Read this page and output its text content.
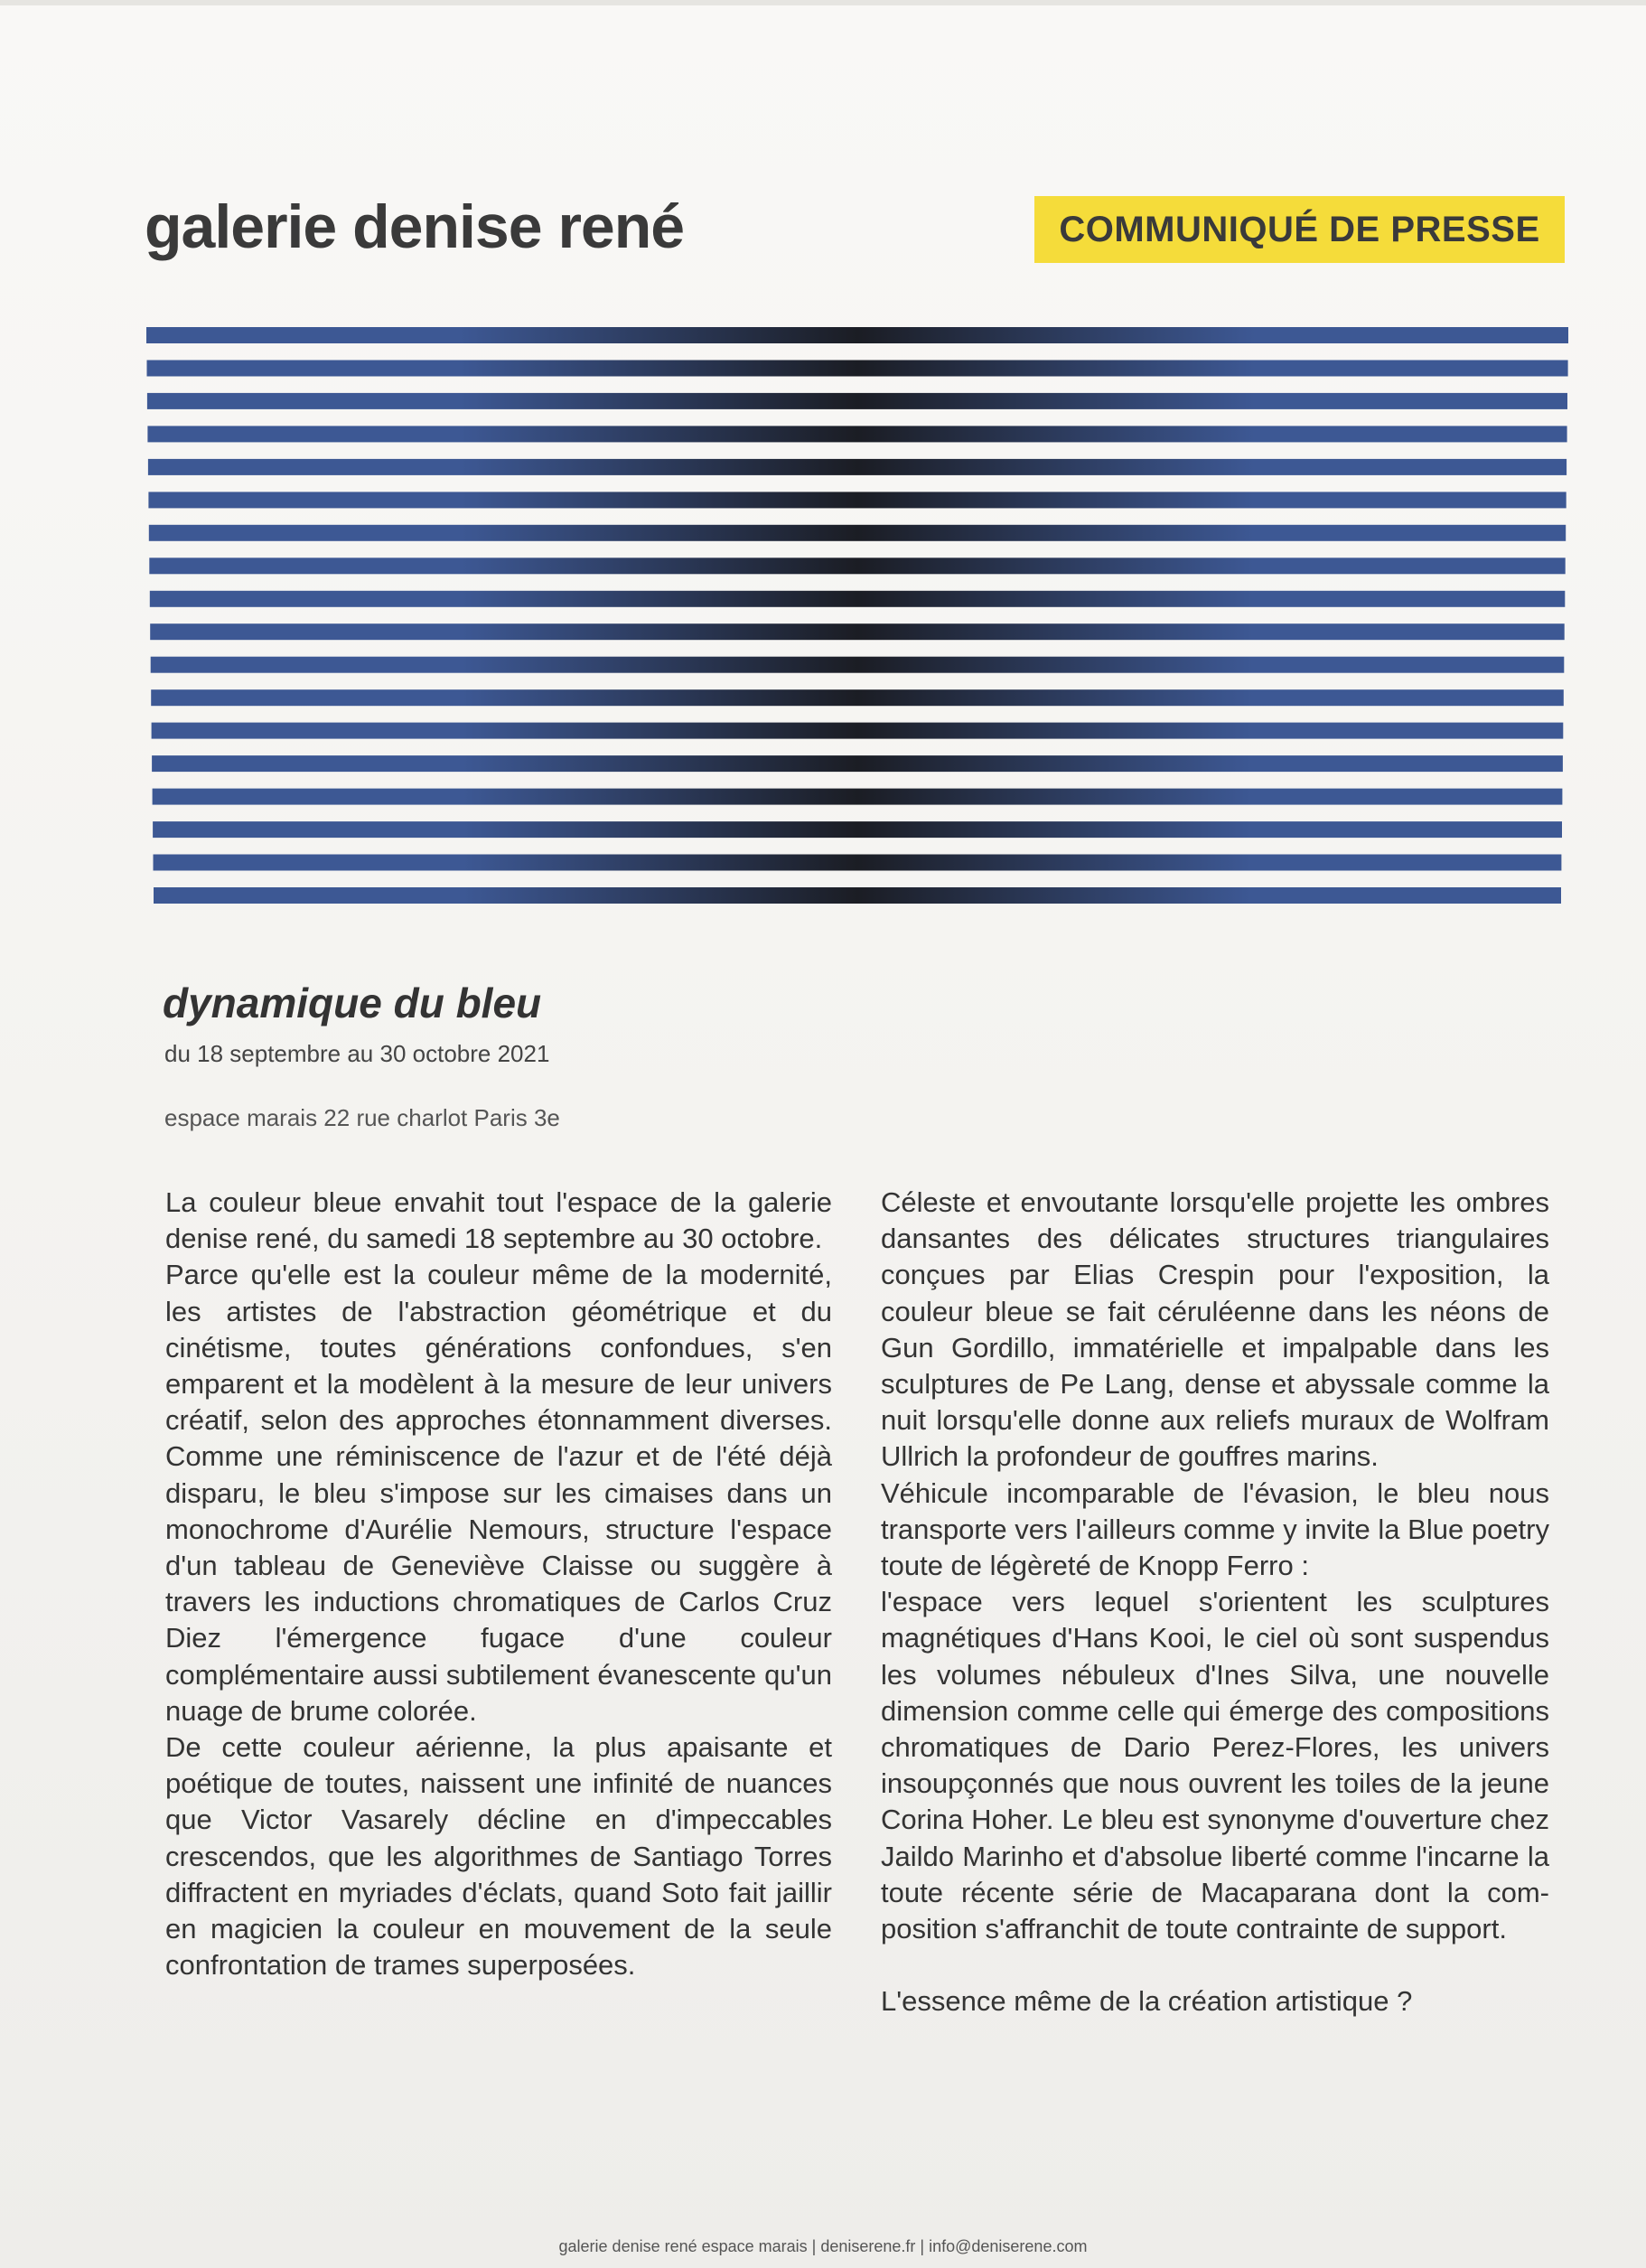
galerie denise rené	COMMUNIQUÉ DE PRESSE
dynamique du bleu
du 18 septembre au 30 octobre 2021
espace marais 22 rue charlot Paris 3e

La couleur bleue envahit tout l'espace de la galerie denise rené, du samedi 18 septembre au 30 octobre.

Parce qu'elle est la couleur même de la modernité, les artistes de l'abstraction géométrique et du cinétisme, toutes générations confondues, s'en emparent et la modèlent à la mesure de leur univers créatif, selon des approches étonnamment diverses. Comme une réminiscence de l'azur et de l'été déjà disparu, le bleu s'impose sur les cimaises dans un monochrome d'Aurélie Nemours, structure l'espace d'un tableau de Geneviève Claisse ou suggère à travers les inductions chromatiques de Carlos Cruz Diez l'émergence fugace d'une couleur complémentaire aussi subtilement évanescente qu'un nuage de brume colorée.

De cette couleur aérienne, la plus apaisante et poétique de toutes, naissent une infinité de nuances que Victor Vasarely décline en d'impeccables crescendos, que les algorithmes de Santiago Torres diffractent en myriades d'éclats, quand Soto fait jaillir en magicien la couleur en mouvement de la seule confrontation de trames superposées.

Céleste et envoutante lorsqu'elle projette les ombres dansantes des délicates structures triangulaires conçues par Elias Crespin pour l'exposition, la couleur bleue se fait céruléenne dans les néons de Gun Gordillo, immatérielle et impalpable dans les sculptures de Pe Lang, dense et abyssale comme la nuit lorsqu'elle donne aux reliefs muraux de Wolfram Ullrich la profondeur de gouffres marins.

Véhicule incomparable de l'évasion, le bleu nous transporte vers l'ailleurs comme y invite la Blue poetry toute de légèreté de Knopp Ferro :

l'espace vers lequel s'orientent les sculptures magnétiques d'Hans Kooi, le ciel où sont suspendus les volumes nébuleux d'Ines Silva, une nouvelle dimension comme celle qui émerge des compositions chromatiques de Dario Perez-Flores, les univers insoupçonnés que nous ouvrent les toiles de la jeune Corina Hoher. Le bleu est synonyme d'ouverture chez Jaildo Marinho et d'absolue liberté comme l'incarne la toute récente série de Macaparana dont la composition s'affranchit de toute contrainte de support.

L'essence même de la création artistique ?

galerie denise rené espace marais | deniserene.fr | info@deniserene.com
